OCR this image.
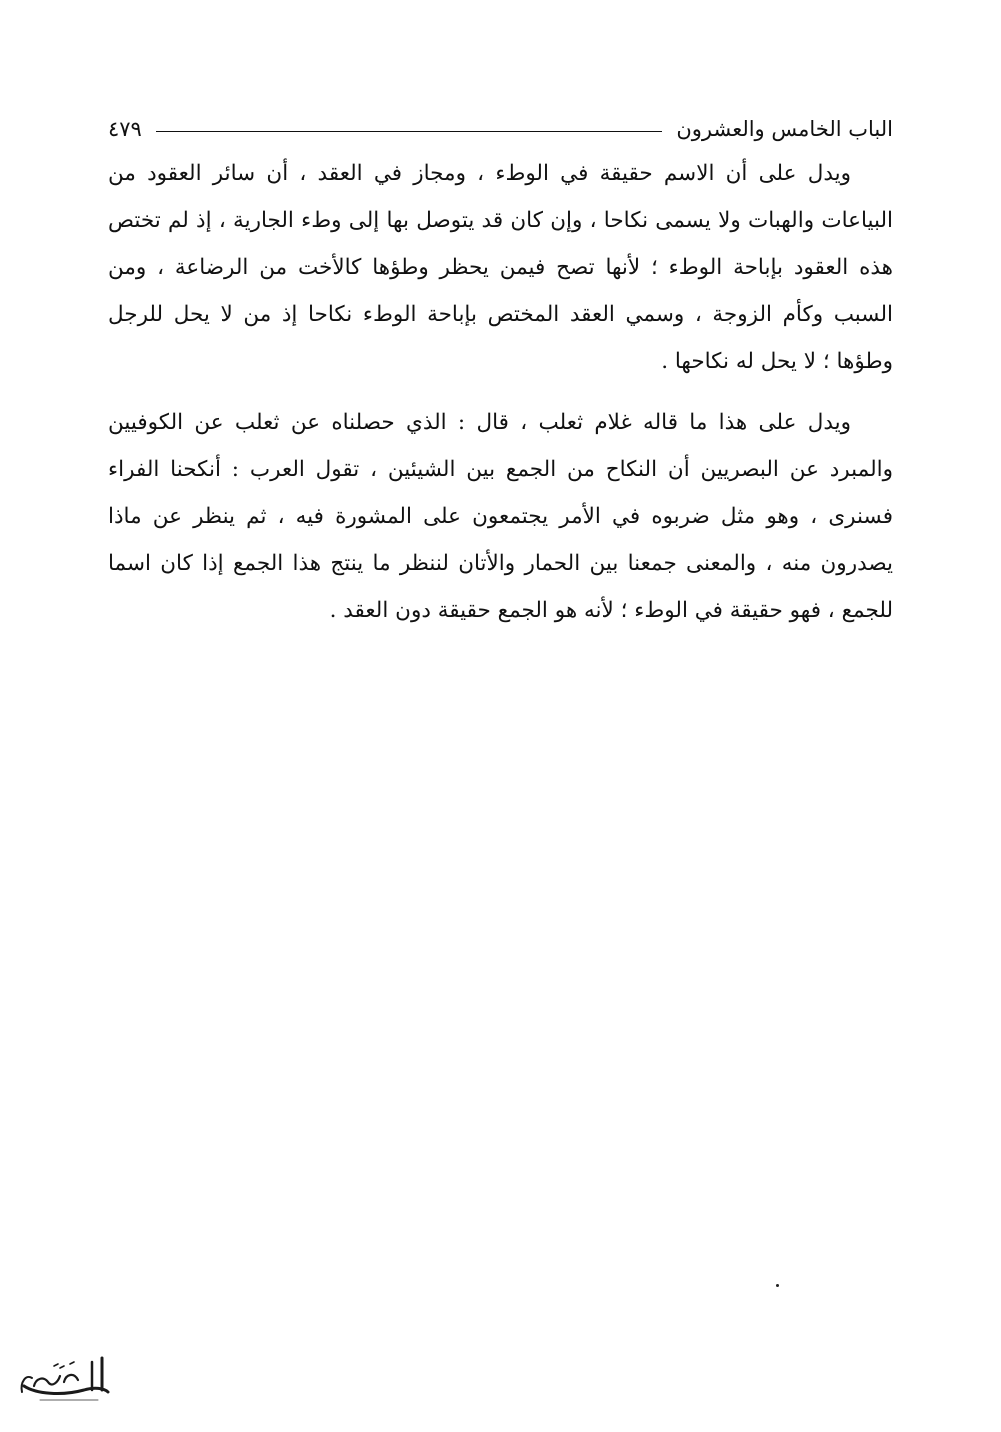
الباب الخامس والعشرون
٤٧٩

ويدل على أن الاسم حقيقة في الوطء ، ومجاز في العقد ، أن سائر العقود من البياعات والهبات ولا يسمى نكاحا ، وإن كان قد يتوصل بها إلى وطء الجارية ، إذ لم تختص هذه العقود بإباحة الوطء ؛ لأنها تصح فيمن يحظر وطؤها كالأخت من الرضاعة ، ومن السبب وكأم الزوجة ، وسمي العقد المختص بإباحة الوطء نكاحا إذ من لا يحل للرجل وطؤها ؛ لا يحل له نكاحها .

ويدل على هذا ما قاله غلام ثعلب ، قال : الذي حصلناه عن ثعلب عن الكوفيين والمبرد عن البصريين أن النكاح من الجمع بين الشيئين ، تقول العرب : أنكحنا الفراء فسنرى ، وهو مثل ضربوه في الأمر يجتمعون على المشورة فيه ، ثم ينظر عن ماذا يصدرون منه ، والمعنى جمعنا بين الحمار والأتان لننظر ما ينتج هذا الجمع إذا كان اسما للجمع ، فهو حقيقة في الوطء ؛ لأنه هو الجمع حقيقة دون العقد .
